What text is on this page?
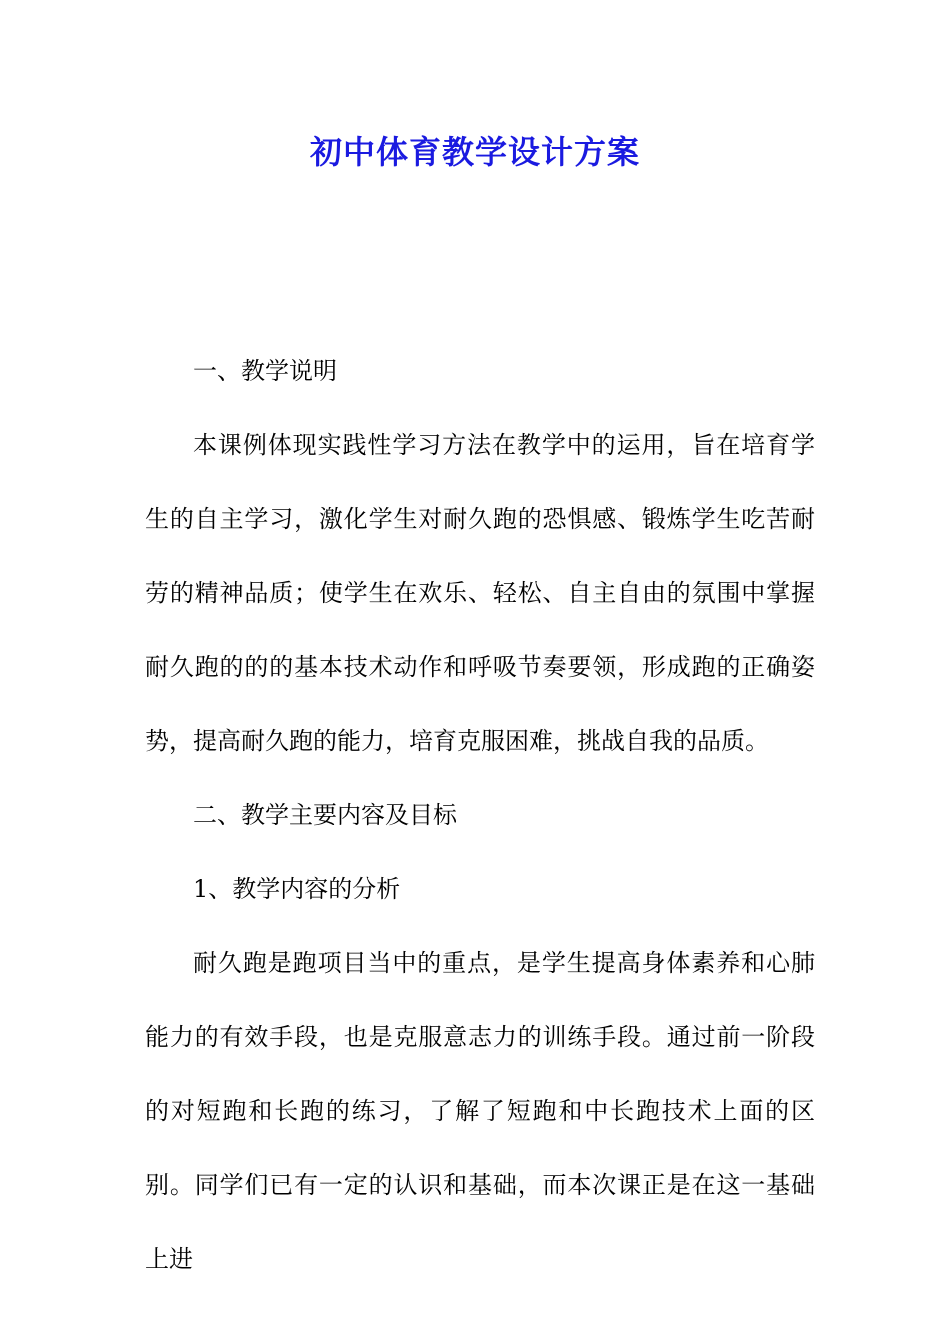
初中体育教学设计方案

一、教学说明

本课例体现实践性学习方法在教学中的运用，旨在培育学生的自主学习，激化学生对耐久跑的恐惧感、锻炼学生吃苦耐劳的精神品质；使学生在欢乐、轻松、自主自由的氛围中掌握耐久跑的的的基本技术动作和呼吸节奏要领，形成跑的正确姿势，提高耐久跑的能力，培育克服困难，挑战自我的品质。

二、教学主要内容及目标

1、教学内容的分析

耐久跑是跑项目当中的重点，是学生提高身体素养和心肺能力的有效手段，也是克服意志力的训练手段。通过前一阶段的对短跑和长跑的练习，了解了短跑和中长跑技术上面的区别。同学们已有一定的认识和基础，而本次课正是在这一基础上进
